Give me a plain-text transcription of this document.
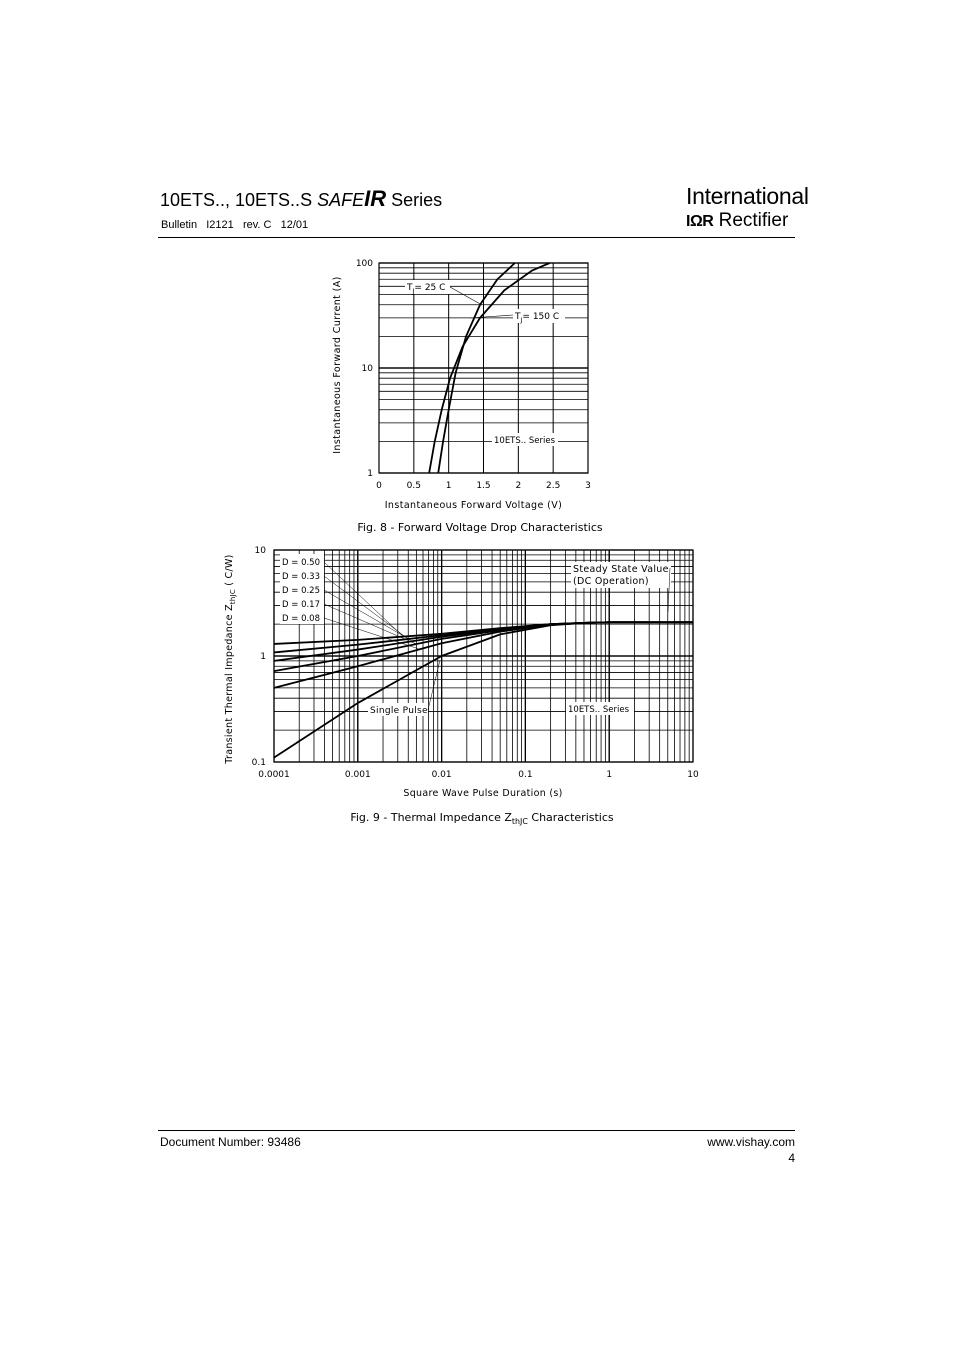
10ETS.., 10ETS..S SAFEIR Series
Bulletin   I2121   rev. C   12/01
International
IΩR Rectifier
0	0.5	1	1.5	2	2.5	3
1
10
100
Instantaneous Forward Voltage (V)
Instantaneous Forward Current (A)	$T_J= 25$ C
$T_J= 150$ C
10ETS.. Series
Fig. 8 - Forward Voltage Drop Characteristics
0.0001	0.001	0.01	0.1	1	10
0.1
1
10
Square Wave Pulse Duration (s)
Transient Thermal Impedance $Z_{thJC}$ ( C/W)	D = 0.50
D = 0.33
D = 0.25
D = 0.17
D = 0.08
Steady State Value
(DC Operation)
Single Pulse	10ETS.. Series
Fig. 9 - Thermal Impedance $Z_{thJC}$ Characteristics
Document Number: 93486	www.vishay.com
4
